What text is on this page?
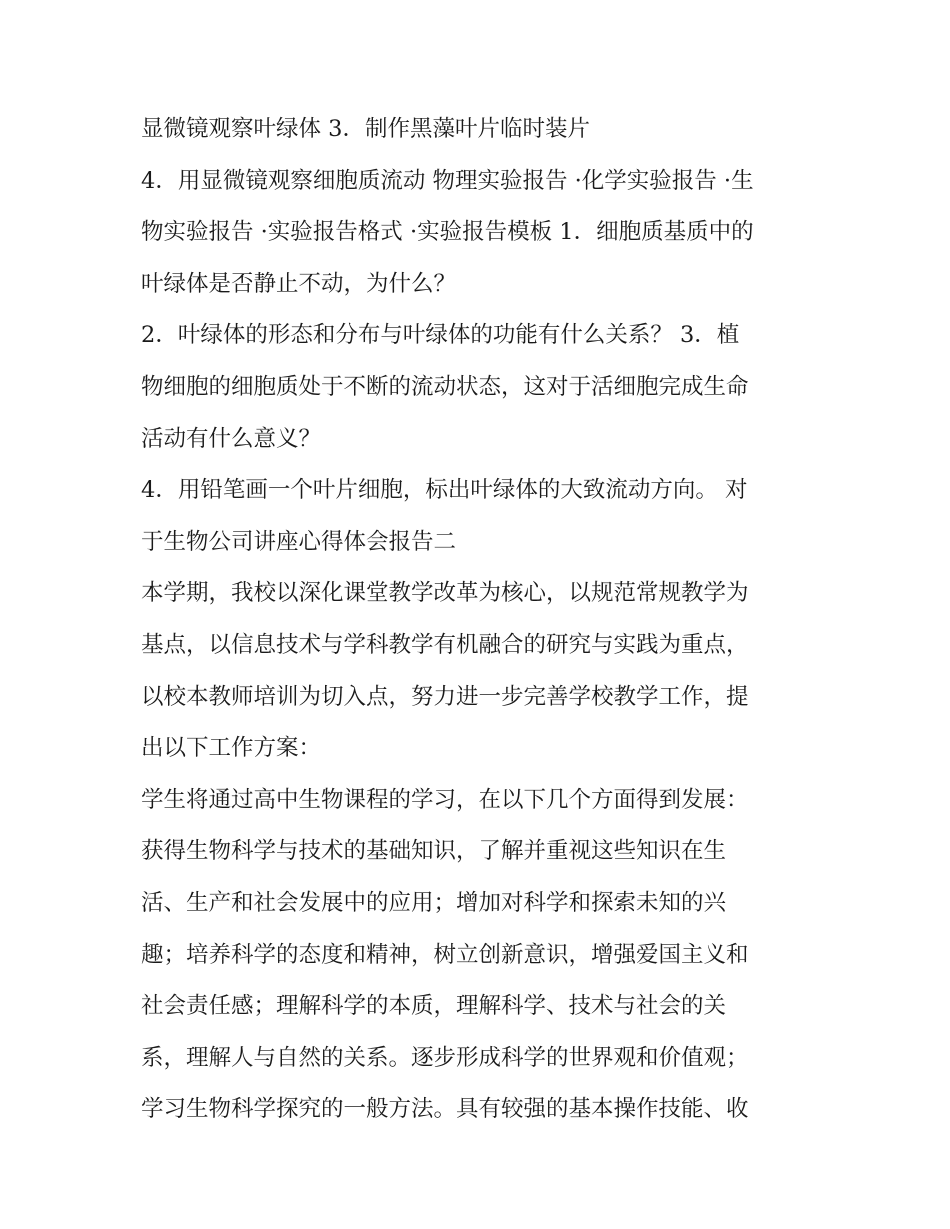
显微镜观察叶绿体 3．制作黑藻叶片临时装片
4．用显微镜观察细胞质流动 物理实验报告 ·化学实验报告 ·生
物实验报告 ·实验报告格式 ·实验报告模板 1．细胞质基质中的
叶绿体是否静止不动，为什么？
2．叶绿体的形态和分布与叶绿体的功能有什么关系？ 3．植
物细胞的细胞质处于不断的流动状态，这对于活细胞完成生命
活动有什么意义？
4．用铅笔画一个叶片细胞，标出叶绿体的大致流动方向。 对
于生物公司讲座心得体会报告二
本学期，我校以深化课堂教学改革为核心，以规范常规教学为
基点，以信息技术与学科教学有机融合的研究与实践为重点，
以校本教师培训为切入点，努力进一步完善学校教学工作，提
出以下工作方案：
学生将通过高中生物课程的学习，在以下几个方面得到发展：
获得生物科学与技术的基础知识，了解并重视这些知识在生
活、生产和社会发展中的应用；增加对科学和探索未知的兴
趣；培养科学的态度和精神，树立创新意识，增强爱国主义和
社会责任感；理解科学的本质，理解科学、技术与社会的关
系，理解人与自然的关系。逐步形成科学的世界观和价值观；
学习生物科学探究的一般方法。具有较强的基本操作技能、收
